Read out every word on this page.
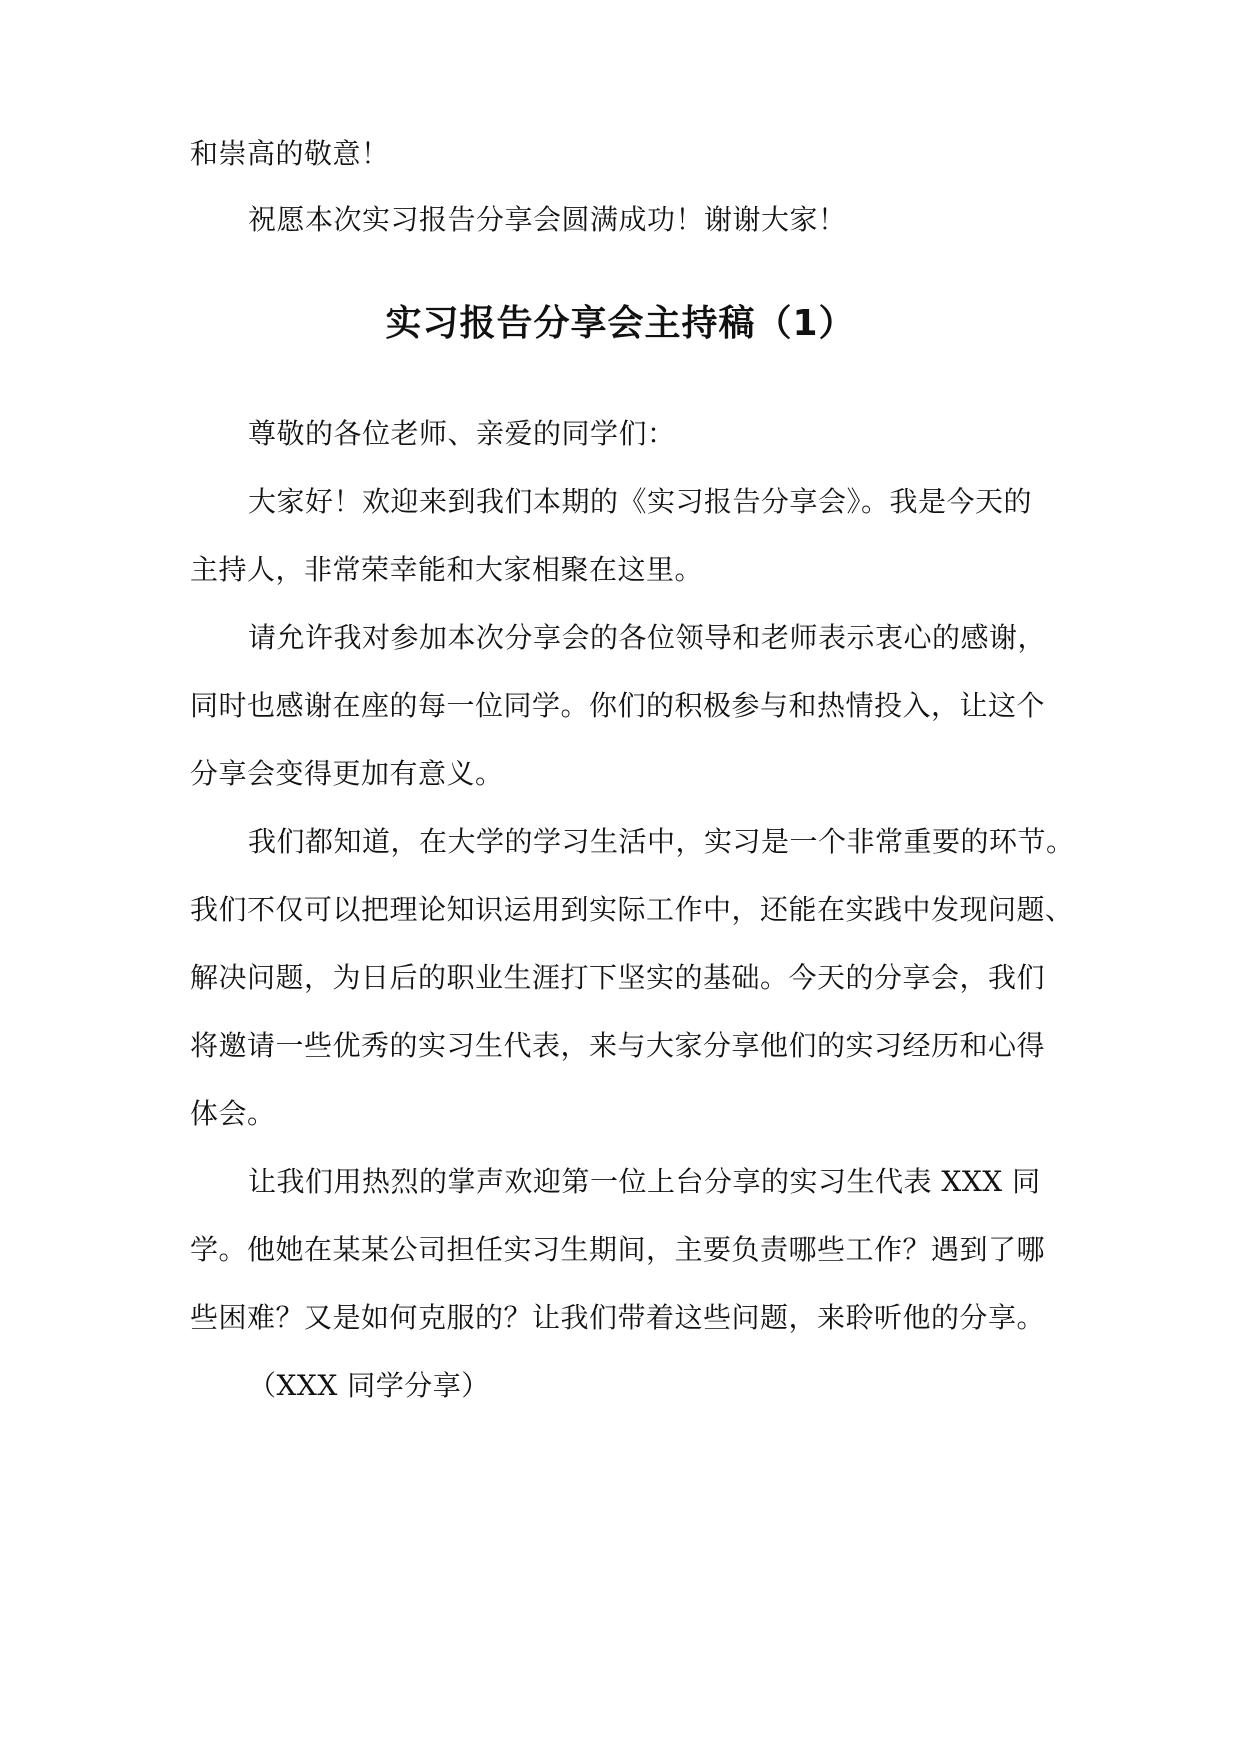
和崇高的敬意！
祝愿本次实习报告分享会圆满成功！谢谢大家！
实习报告分享会主持稿（1）
尊敬的各位老师、亲爱的同学们：
大家好！欢迎来到我们本期的《实习报告分享会》。我是今天的
主持人，非常荣幸能和大家相聚在这里。
请允许我对参加本次分享会的各位领导和老师表示衷心的感谢，
同时也感谢在座的每一位同学。你们的积极参与和热情投入，让这个
分享会变得更加有意义。
我们都知道，在大学的学习生活中，实习是一个非常重要的环节。
我们不仅可以把理论知识运用到实际工作中，还能在实践中发现问题、
解决问题，为日后的职业生涯打下坚实的基础。今天的分享会，我们
将邀请一些优秀的实习生代表，来与大家分享他们的实习经历和心得
体会。
让我们用热烈的掌声欢迎第一位上台分享的实习生代表 XXX 同
学。他她在某某公司担任实习生期间，主要负责哪些工作？遇到了哪
些困难？又是如何克服的？让我们带着这些问题，来聆听他的分享。
（XXX 同学分享）
